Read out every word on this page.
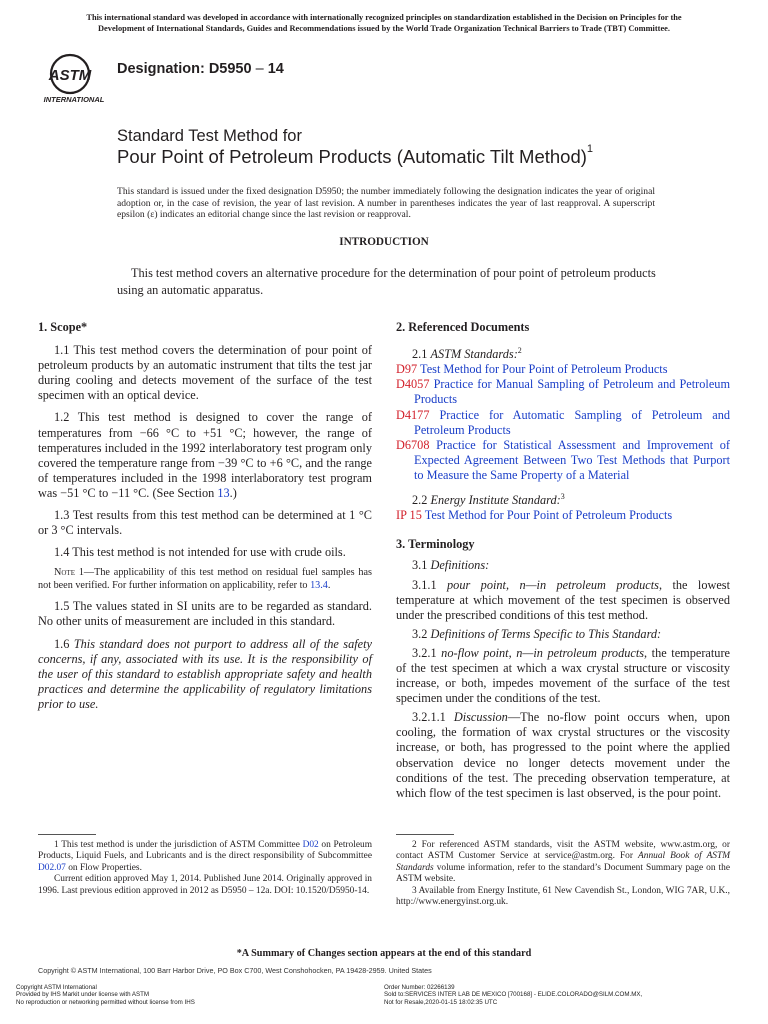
This international standard was developed in accordance with internationally recognized principles on standardization established in the Decision on Principles for the
Development of International Standards, Guides and Recommendations issued by the World Trade Organization Technical Barriers to Trade (TBT) Committee.
ASTM
INTERNATIONAL
Designation: D5950 – 14
Standard Test Method for
Pour Point of Petroleum Products (Automatic Tilt Method)$^1$
This standard is issued under the fixed designation D5950; the number immediately following the designation indicates the year of original adoption or, in the case of revision, the year of last revision. A number in parentheses indicates the year of last reapproval. A superscript epsilon (ε) indicates an editorial change since the last revision or reapproval.
INTRODUCTION
This test method covers an alternative procedure for the determination of pour point of petroleum products using an automatic apparatus.
1. Scope*

1.1 This test method covers the determination of pour point of petroleum products by an automatic instrument that tilts the test jar during cooling and detects movement of the surface of the test specimen with an optical device.

1.2 This test method is designed to cover the range of temperatures from −66 °C to +51 °C; however, the range of temperatures included in the 1992 interlaboratory test program only covered the temperature range from −39 °C to +6 °C, and the range of temperatures included in the 1998 interlaboratory test program was −51 °C to −11 °C. (See Section 13.)

1.3 Test results from this test method can be determined at 1 °C or 3 °C intervals.

1.4 This test method is not intended for use with crude oils.

Note 1—The applicability of this test method on residual fuel samples has not been verified. For further information on applicability, refer to 13.4.

1.5 The values stated in SI units are to be regarded as standard. No other units of measurement are included in this standard.

1.6 This standard does not purport to address all of the safety concerns, if any, associated with its use. It is the responsibility of the user of this standard to establish appropriate safety and health practices and determine the applicability of regulatory limitations prior to use.

2. Referenced Documents

2.1 ASTM Standards:$^2$

D97 Test Method for Pour Point of Petroleum Products

D4057 Practice for Manual Sampling of Petroleum and Petroleum Products

D4177 Practice for Automatic Sampling of Petroleum and Petroleum Products

D6708 Practice for Statistical Assessment and Improvement of Expected Agreement Between Two Test Methods that Purport to Measure the Same Property of a Material

2.2 Energy Institute Standard:$^3$

IP 15 Test Method for Pour Point of Petroleum Products

3. Terminology

3.1 Definitions:

3.1.1 pour point, n—in petroleum products, the lowest temperature at which movement of the test specimen is observed under the prescribed conditions of this test method.

3.2 Definitions of Terms Specific to This Standard:

3.2.1 no-flow point, n—in petroleum products, the temperature of the test specimen at which a wax crystal structure or viscosity increase, or both, impedes movement of the surface of the test specimen under the conditions of the test.

3.2.1.1 Discussion—The no-flow point occurs when, upon cooling, the formation of wax crystal structures or the viscosity increase, or both, has progressed to the point where the applied observation device no longer detects movement under the conditions of the test. The preceding observation temperature, at which flow of the test specimen is last observed, is the pour point.

1 This test method is under the jurisdiction of ASTM Committee D02 on Petroleum Products, Liquid Fuels, and Lubricants and is the direct responsibility of Subcommittee D02.07 on Flow Properties.
Current edition approved May 1, 2014. Published June 2014. Originally approved in 1996. Last previous edition approved in 2012 as D5950 – 12a. DOI: 10.1520/D5950-14.
2 For referenced ASTM standards, visit the ASTM website, www.astm.org, or contact ASTM Customer Service at service@astm.org. For Annual Book of ASTM Standards volume information, refer to the standard’s Document Summary page on the ASTM website.
3 Available from Energy Institute, 61 New Cavendish St., London, WIG 7AR, U.K., http://www.energyinst.org.uk.
*A Summary of Changes section appears at the end of this standard
Copyright © ASTM International, 100 Barr Harbor Drive, PO Box C700, West Conshohocken, PA 19428-2959. United States
Copyright ASTM International
Provided by IHS Markit under license with ASTM
No reproduction or networking permitted without license from IHS
Order Number: 02266139
Sold to:SERVICES INTER LAB DE MEXICO [700168] - ELIDE.COLORADO@SILM.COM.MX,
Not for Resale,2020-01-15 18:02:35 UTC
